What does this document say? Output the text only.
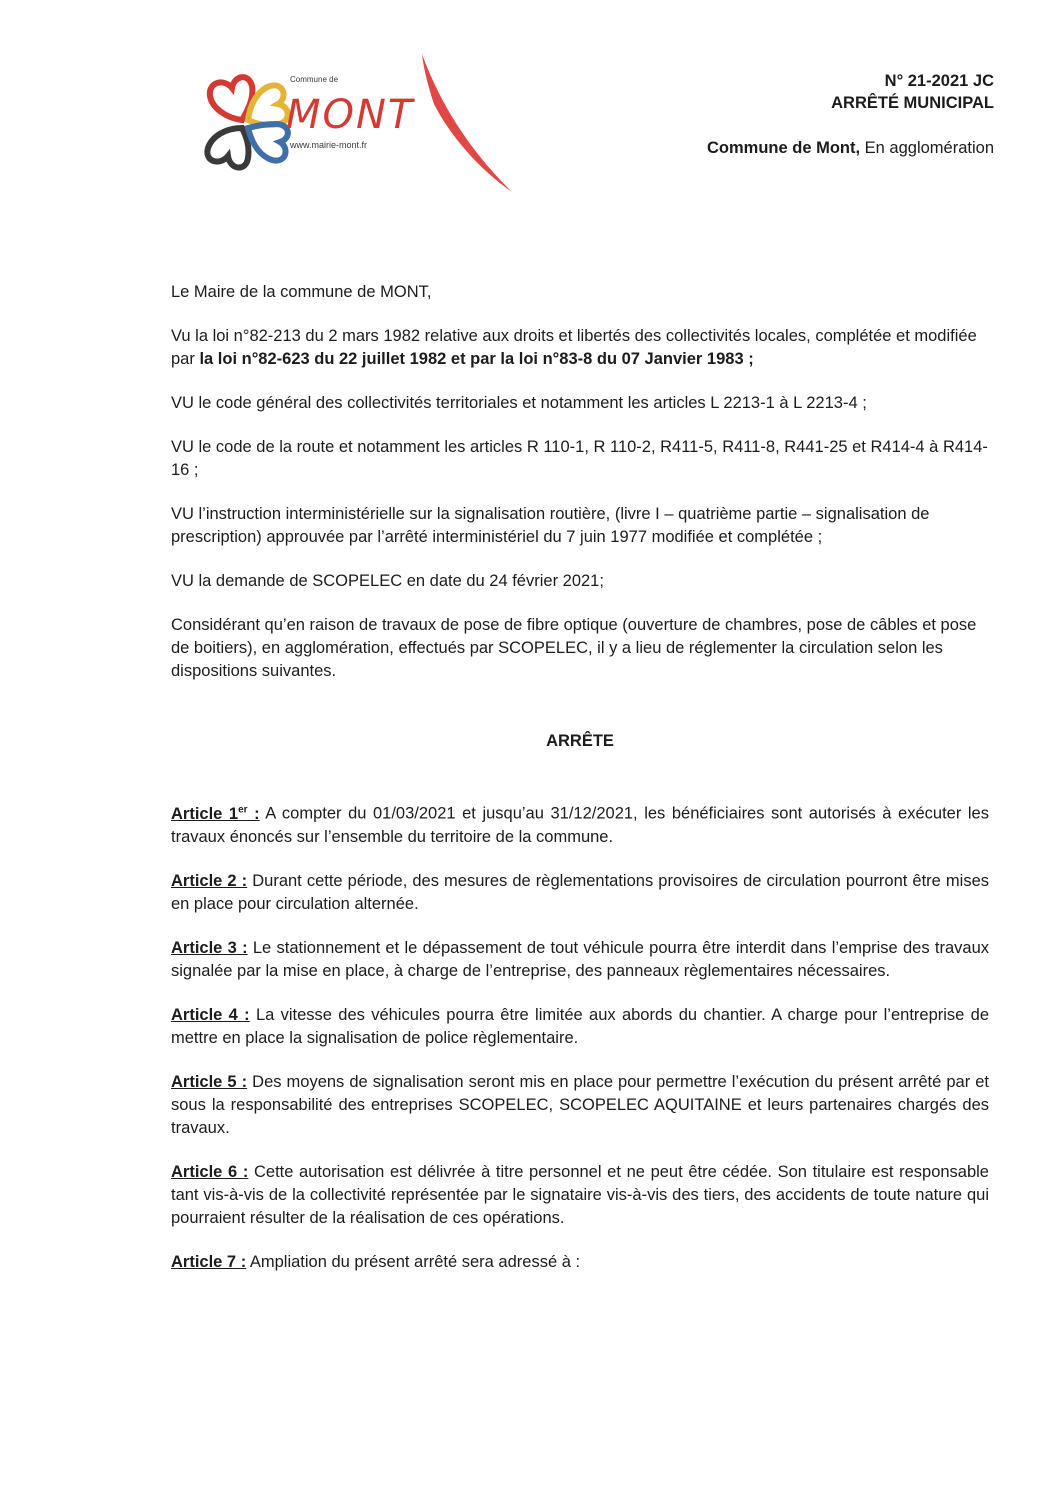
Commune de
MONT
www.mairie-mont.fr
N° 21-2021 JC
ARRÊTÉ MUNICIPAL
Commune de Mont, En agglomération

Le Maire de la commune de MONT,

Vu la loi n°82-213 du 2 mars 1982 relative aux droits et libertés des collectivités locales, complétée et modifiée par la loi n°82-623 du 22 juillet 1982 et par la loi n°83-8 du 07 Janvier 1983 ;

VU le code général des collectivités territoriales et notamment les articles L 2213-1 à L 2213-4 ;

VU le code de la route et notamment les articles R 110-1, R 110-2, R411-5, R411-8, R441-25 et R414-4 à R414-16 ;

VU l’instruction interministérielle sur la signalisation routière, (livre I – quatrième partie – signalisation de prescription) approuvée par l’arrêté interministériel du 7 juin 1977 modifiée et complétée ;

VU la demande de SCOPELEC en date du 24 février 2021;

Considérant qu’en raison de travaux de pose de fibre optique (ouverture de chambres, pose de câbles et pose de boitiers), en agglomération, effectués par SCOPELEC, il y a lieu de réglementer la circulation selon les dispositions suivantes.

ARRÊTE

Article 1er : A compter du 01/03/2021 et jusqu’au 31/12/2021, les bénéficiaires sont autorisés à exécuter les travaux énoncés sur l’ensemble du territoire de la commune.

Article 2 : Durant cette période, des mesures de règlementations provisoires de circulation pourront être mises en place pour circulation alternée.

Article 3 : Le stationnement et le dépassement de tout véhicule pourra être interdit dans l’emprise des travaux signalée par la mise en place, à charge de l’entreprise, des panneaux règlementaires nécessaires.

Article 4 : La vitesse des véhicules pourra être limitée aux abords du chantier. A charge pour l’entreprise de mettre en place la signalisation de police règlementaire.

Article 5 : Des moyens de signalisation seront mis en place pour permettre l’exécution du présent arrêté par et sous la responsabilité des entreprises SCOPELEC, SCOPELEC AQUITAINE et leurs partenaires chargés des travaux.

Article 6 : Cette autorisation est délivrée à titre personnel et ne peut être cédée. Son titulaire est responsable tant vis-à-vis de la collectivité représentée par le signataire vis-à-vis des tiers, des accidents de toute nature qui pourraient résulter de la réalisation de ces opérations.

Article 7 : Ampliation du présent arrêté sera adressé à :
